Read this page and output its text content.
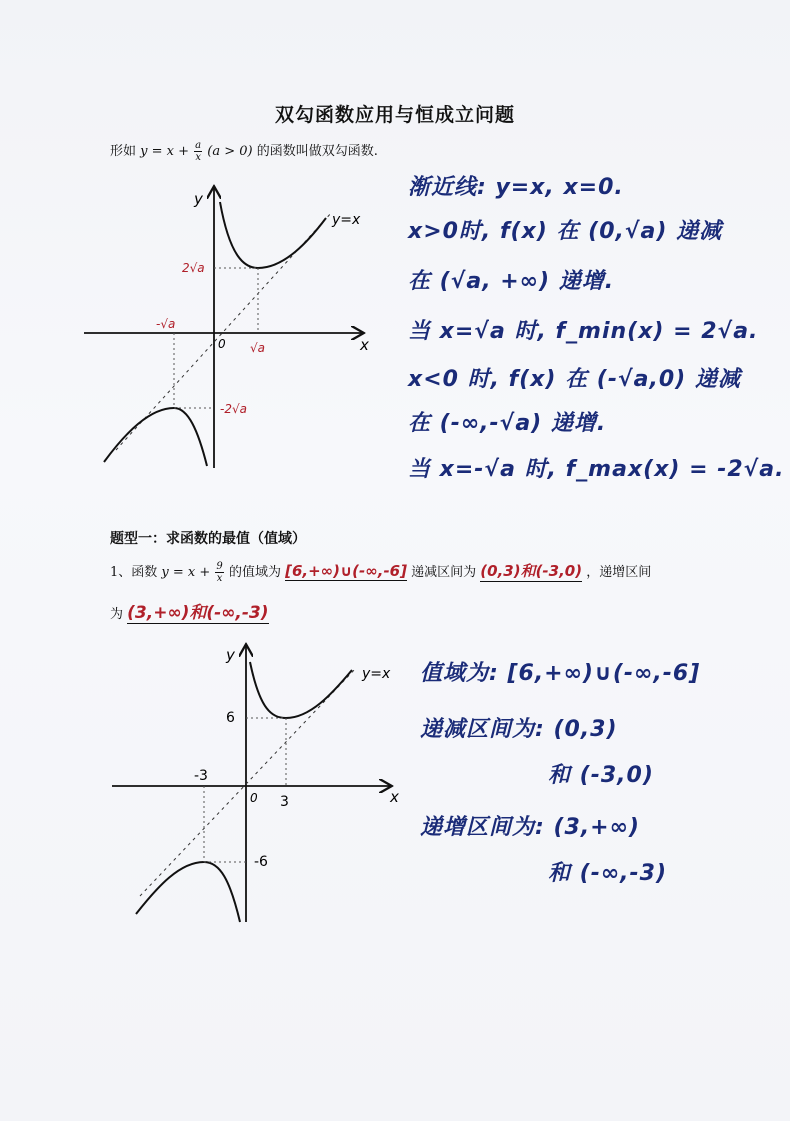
双勾函数应用与恒成立问题
形如 $y = x + \frac{a}{x} (a > 0)$ 的函数叫做双勾函数.
y
x
y=x
0
2√a
-2√a
√a
-√a
渐近线: y=x, x=0.
x>0时, f(x) 在 (0,√a) 递减
在 (√a, +∞) 递增.
当 x=√a 时, f_min(x) = 2√a.
x<0 时, f(x) 在 (-√a,0) 递减
在 (-∞,-√a) 递增.
当 x=-√a 时, f_max(x) = -2√a.
题型一：求函数的最值（值域）
1、函数 $y = x + \frac{9}{x}$ 的值域为 [6,+∞)∪(-∞,-6] 递减区间为 (0,3)和(-3,0) ，递增区间
为 (3,+∞)和(-∞,-3)
y
x
y=x
0
6
-6
3
-3
值域为: [6,+∞)∪(-∞,-6]
递减区间为: (0,3)
和 (-3,0)
递增区间为: (3,+∞)
和 (-∞,-3)
